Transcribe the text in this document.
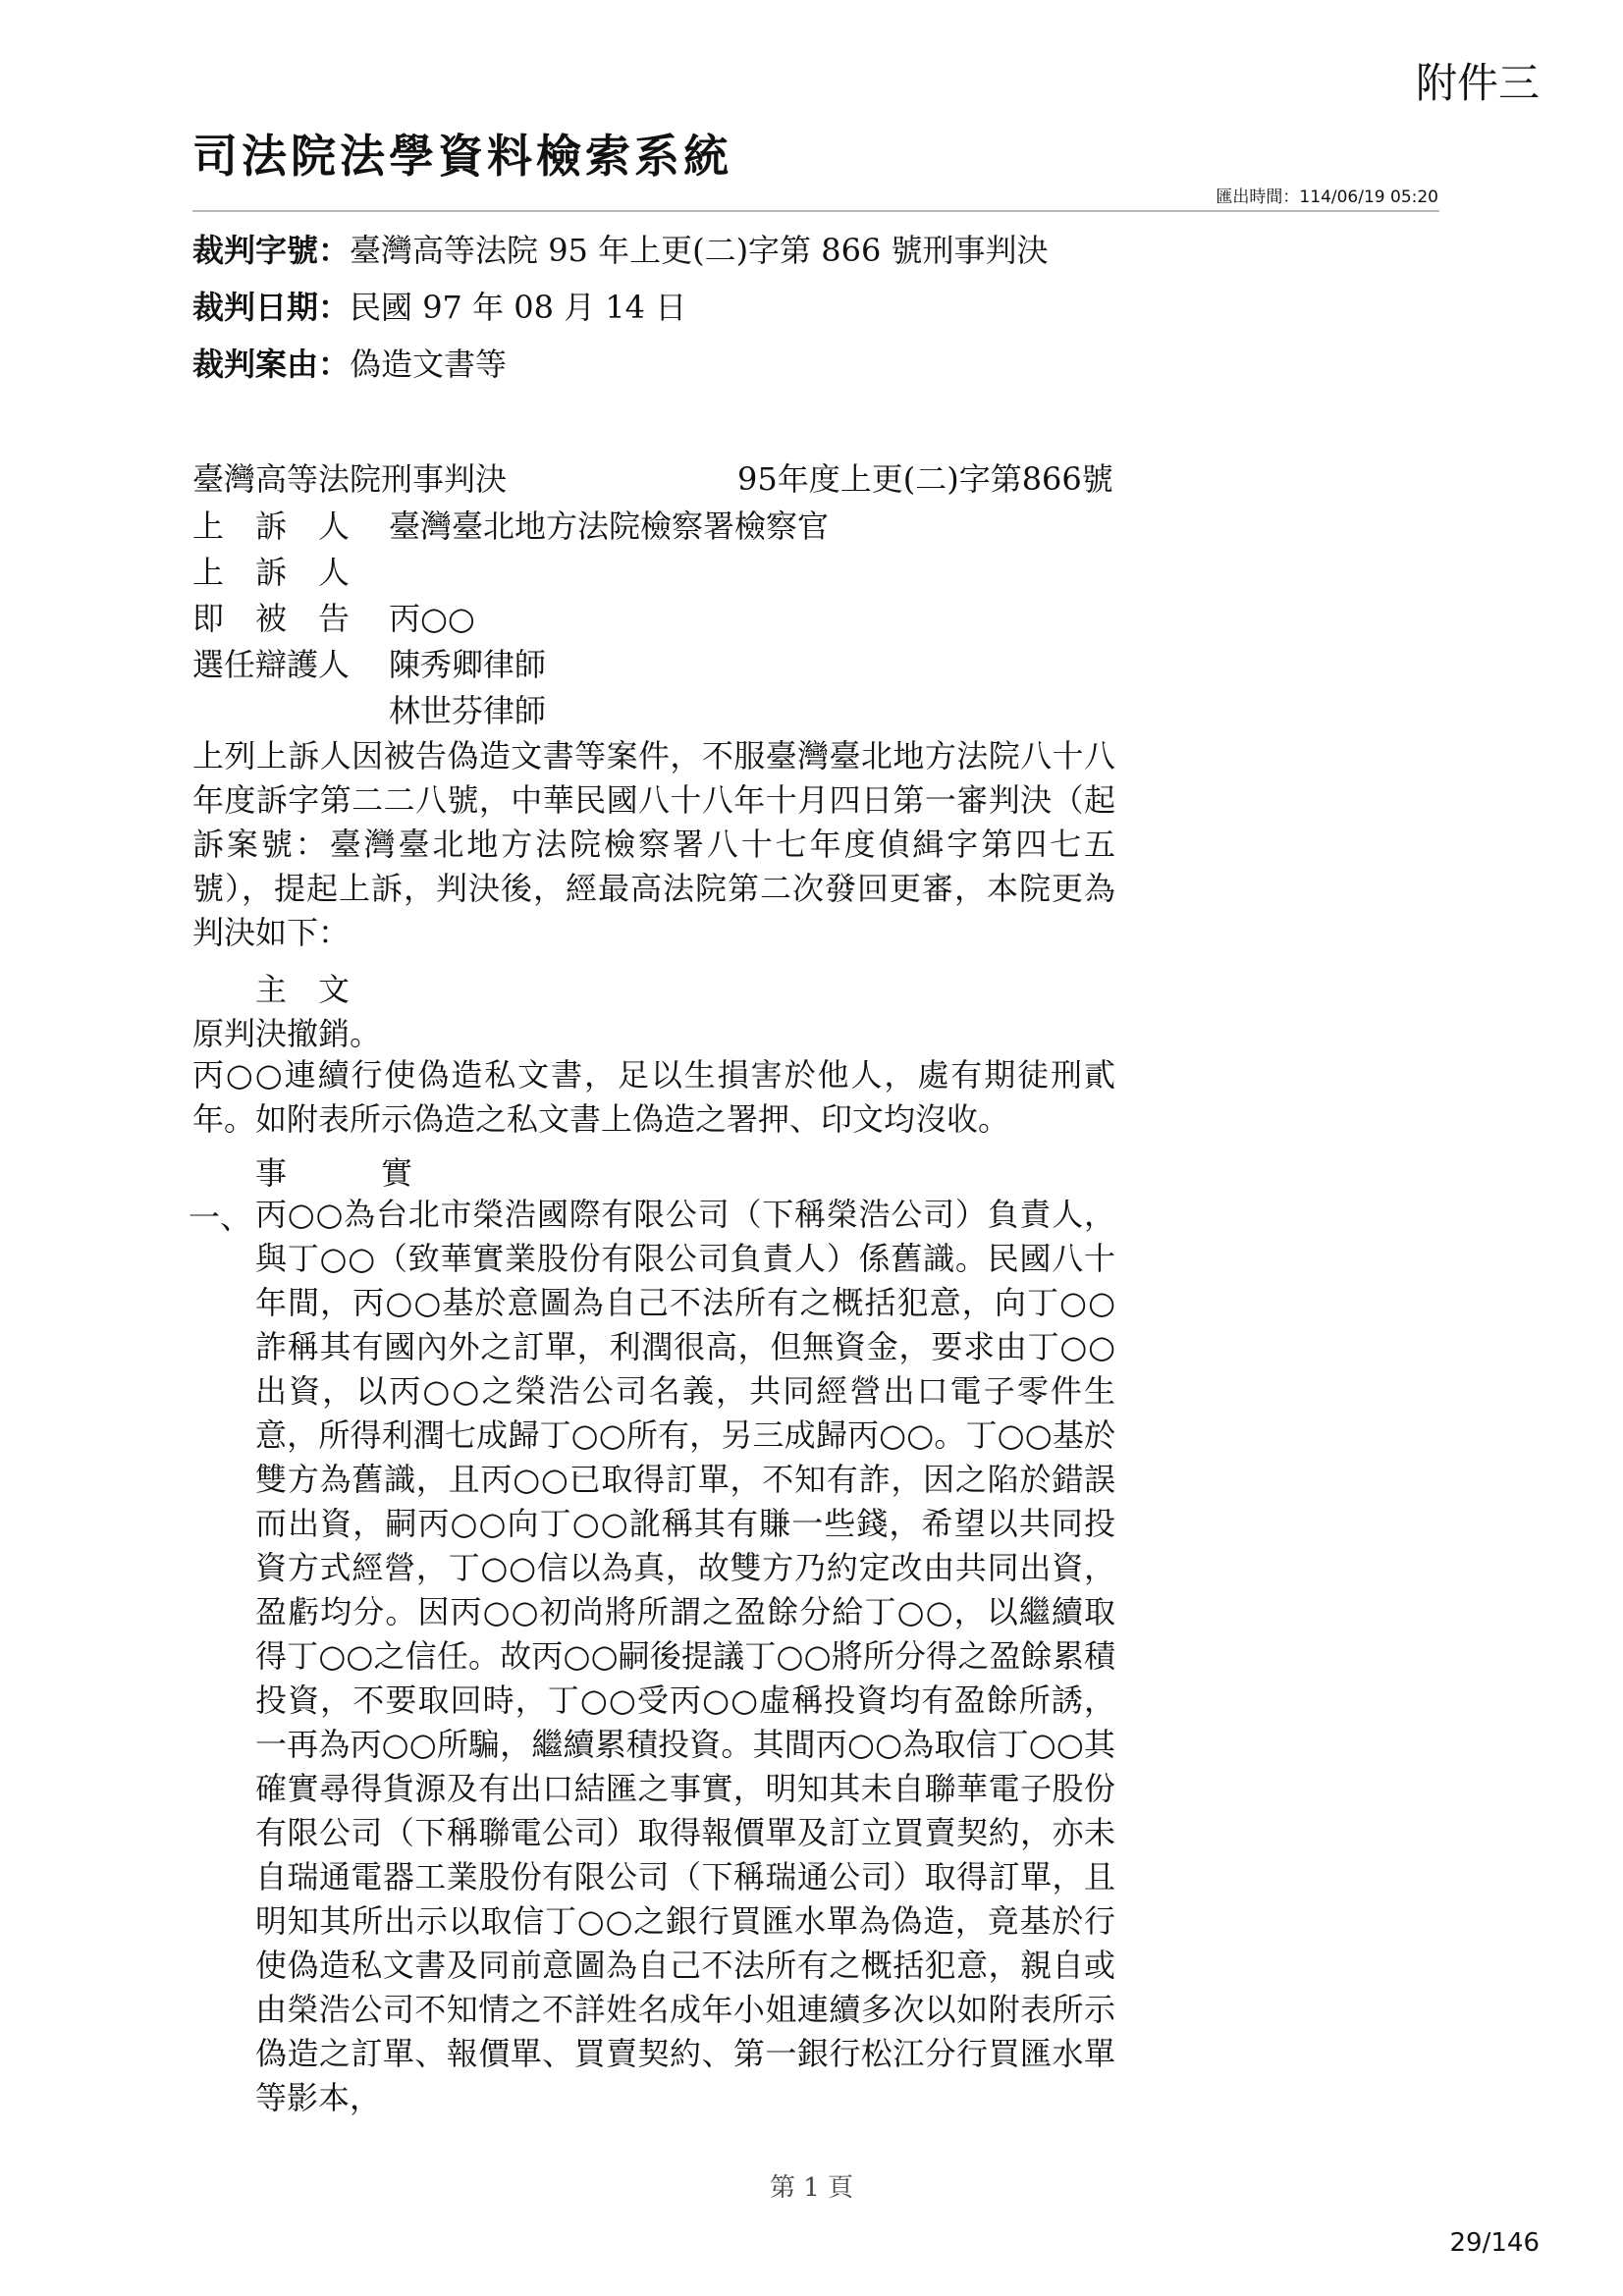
附件三
司法院法學資料檢索系統
匯出時間：114/06/19 05:20
裁判字號：臺灣高等法院 95 年上更(二)字第 866 號刑事判決
裁判日期：民國 97 年 08 月 14 日
裁判案由：偽造文書等
臺灣高等法院刑事判決	95年度上更(二)字第866號
上　訴　人 臺灣臺北地方法院檢察署檢察官
上　訴　人
即　被　告 丙○○
選任辯護人 陳秀卿律師
林世芬律師

上列上訴人因被告偽造文書等案件，不服臺灣臺北地方法院八十八年度訴字第二二八號，中華民國八十八年十月四日第一審判決（起訴案號：臺灣臺北地方法院檢察署八十七年度偵緝字第四七五號），提起上訴，判決後，經最高法院第二次發回更審，本院更為判決如下：

主　文
原判決撤銷。

丙○○連續行使偽造私文書，足以生損害於他人，處有期徒刑貳年。如附表所示偽造之私文書上偽造之署押、印文均沒收。

事　　　實
一、 丙○○為台北市榮浩國際有限公司（下稱榮浩公司）負責人，與丁○○（致華實業股份有限公司負責人）係舊識。民國八十年間，丙○○基於意圖為自己不法所有之概括犯意，向丁○○詐稱其有國內外之訂單，利潤很高，但無資金，要求由丁○○出資，以丙○○之榮浩公司名義，共同經營出口電子零件生意，所得利潤七成歸丁○○所有，另三成歸丙○○。丁○○基於雙方為舊識，且丙○○已取得訂單，不知有詐，因之陷於錯誤而出資，嗣丙○○向丁○○訛稱其有賺一些錢，希望以共同投資方式經營，丁○○信以為真，故雙方乃約定改由共同出資，盈虧均分。因丙○○初尚將所謂之盈餘分給丁○○，以繼續取得丁○○之信任。故丙○○嗣後提議丁○○將所分得之盈餘累積投資，不要取回時，丁○○受丙○○虛稱投資均有盈餘所誘，一再為丙○○所騙，繼續累積投資。其間丙○○為取信丁○○其確實尋得貨源及有出口結匯之事實，明知其未自聯華電子股份有限公司（下稱聯電公司）取得報價單及訂立買賣契約，亦未自瑞通電器工業股份有限公司（下稱瑞通公司）取得訂單，且明知其所出示以取信丁○○之銀行買匯水單為偽造，竟基於行使偽造私文書及同前意圖為自己不法所有之概括犯意，親自或由榮浩公司不知情之不詳姓名成年小姐連續多次以如附表所示偽造之訂單、報價單、買賣契約、第一銀行松江分行買匯水單等影本，

第 1 頁
29/146
